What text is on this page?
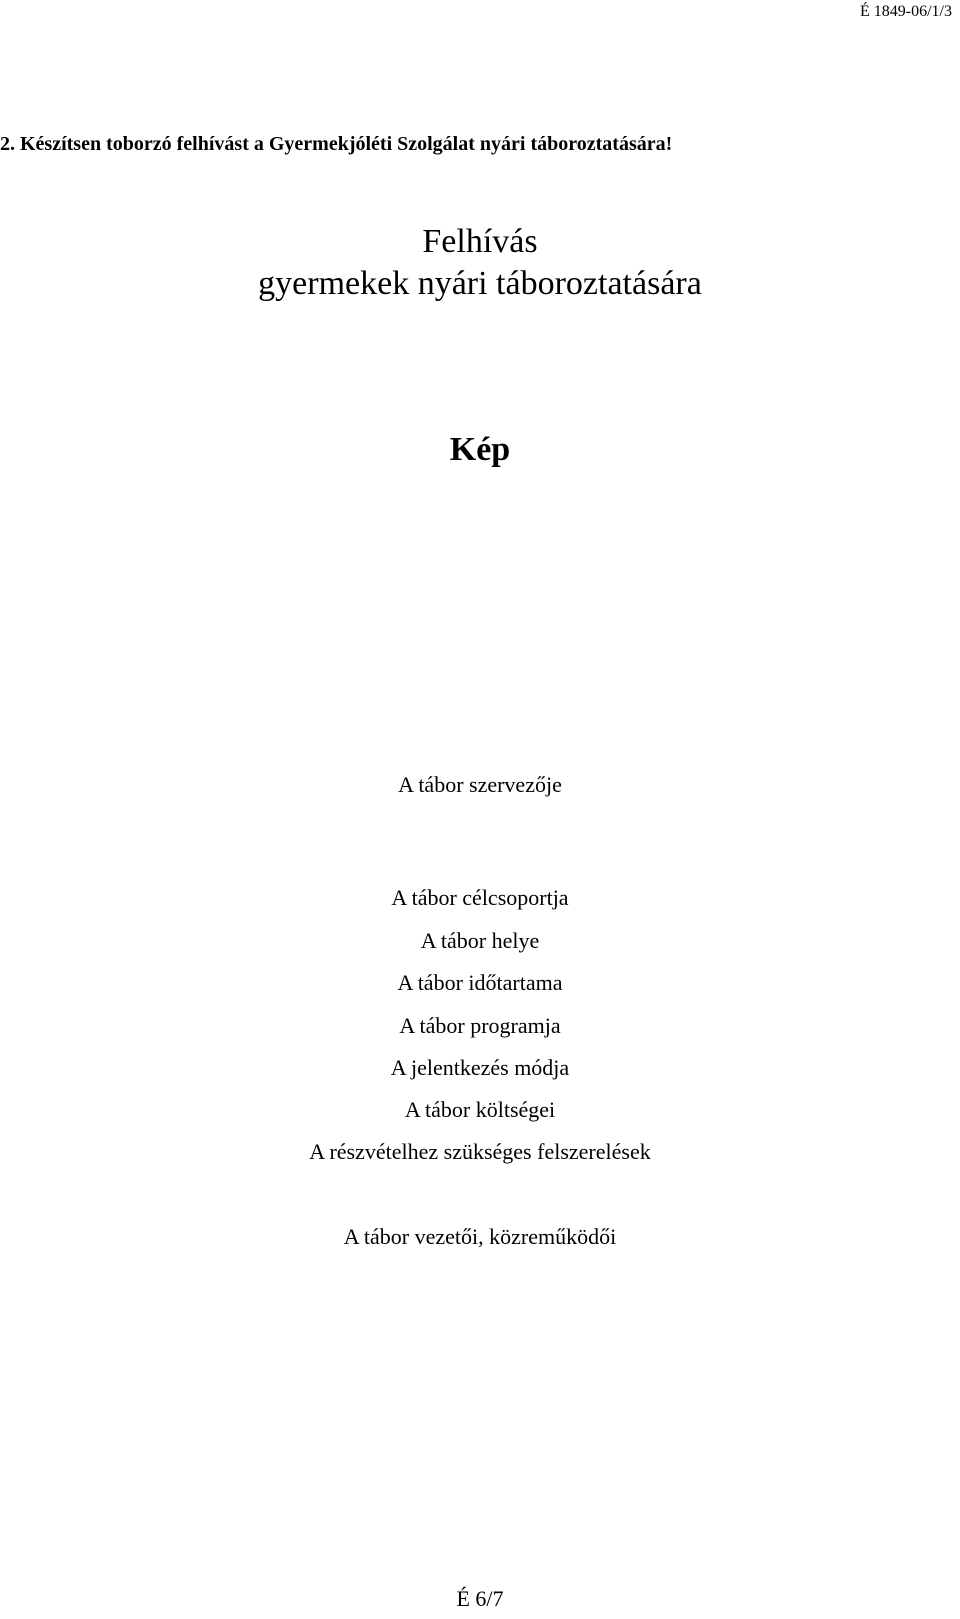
É 1849-06/1/3
2. Készítsen toborzó felhívást a Gyermekjóléti Szolgálat nyári táboroztatására!
Felhívás
gyermekek nyári táboroztatására
Kép
A tábor szervezője
A tábor célcsoportja
A tábor helye
A tábor időtartama
A tábor programja
A jelentkezés módja
A tábor költségei
A részvételhez szükséges felszerelések
A tábor vezetői, közreműködői
É 6/7
